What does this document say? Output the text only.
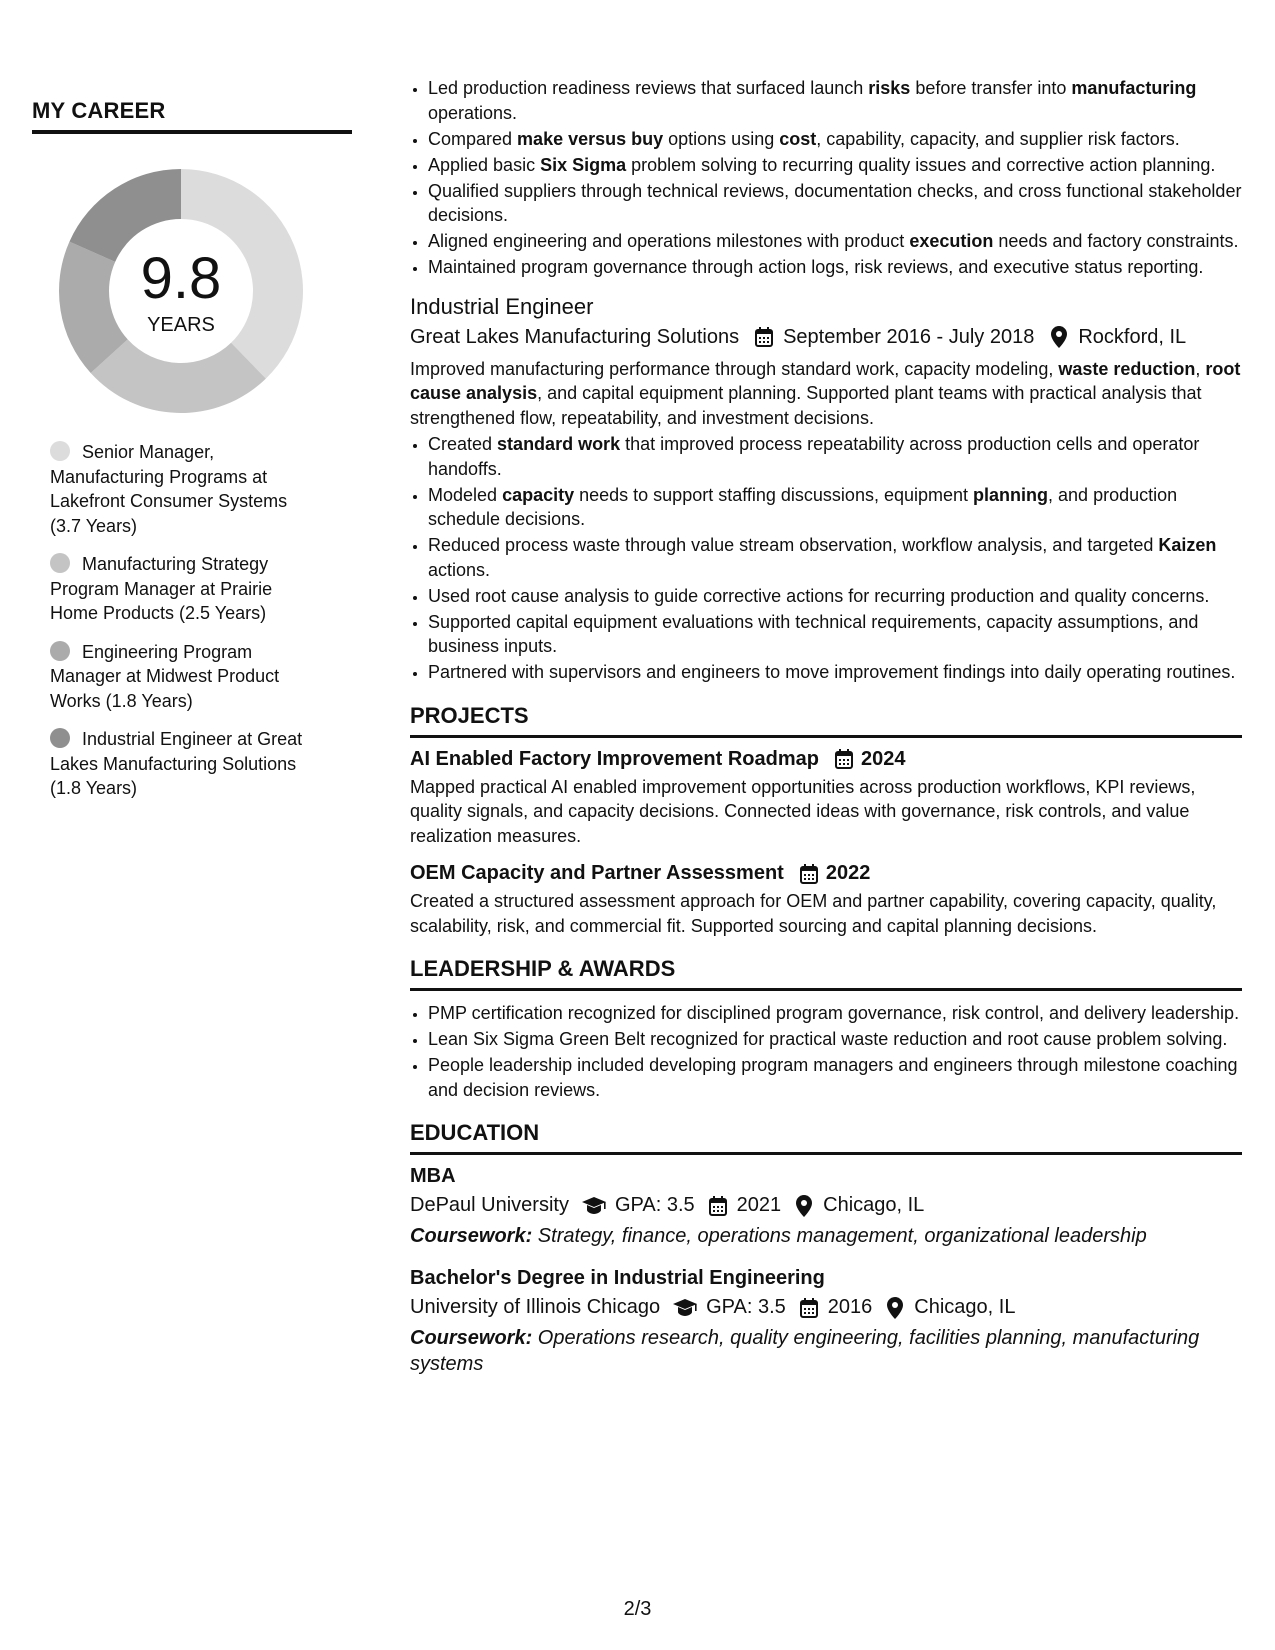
MY CAREER
9.8
YEARS
Senior Manager, Manufacturing Programs at Lakefront Consumer Systems (3.7 Years)
Manufacturing Strategy Program Manager at Prairie Home Products (2.5 Years)
Engineering Program Manager at Midwest Product Works (1.8 Years)
Industrial Engineer at Great Lakes Manufacturing Solutions (1.8 Years)
• Led production readiness reviews that surfaced launch risks before transfer into manufacturing operations.
• Compared make versus buy options using cost, capability, capacity, and supplier risk factors.
• Applied basic Six Sigma problem solving to recurring quality issues and corrective action planning.
• Qualified suppliers through technical reviews, documentation checks, and cross functional stakeholder decisions.
• Aligned engineering and operations milestones with product execution needs and factory constraints.
• Maintained program governance through action logs, risk reviews, and executive status reporting.
Industrial Engineer
Great Lakes Manufacturing Solutions September 2016 - July 2018 Rockford, IL
Improved manufacturing performance through standard work, capacity modeling, waste reduction, root cause analysis, and capital equipment planning. Supported plant teams with practical analysis that strengthened flow, repeatability, and investment decisions.
• Created standard work that improved process repeatability across production cells and operator handoffs.
• Modeled capacity needs to support staffing discussions, equipment planning, and production schedule decisions.
• Reduced process waste through value stream observation, workflow analysis, and targeted Kaizen actions.
• Used root cause analysis to guide corrective actions for recurring production and quality concerns.
• Supported capital equipment evaluations with technical requirements, capacity assumptions, and business inputs.
• Partnered with supervisors and engineers to move improvement findings into daily operating routines.
PROJECTS
AI Enabled Factory Improvement Roadmap 2024
Mapped practical AI enabled improvement opportunities across production workflows, KPI reviews, quality signals, and capacity decisions. Connected ideas with governance, risk controls, and value realization measures.
OEM Capacity and Partner Assessment 2022
Created a structured assessment approach for OEM and partner capability, covering capacity, quality, scalability, risk, and commercial fit. Supported sourcing and capital planning decisions.
LEADERSHIP & AWARDS
• PMP certification recognized for disciplined program governance, risk control, and delivery leadership.
• Lean Six Sigma Green Belt recognized for practical waste reduction and root cause problem solving.
• People leadership included developing program managers and engineers through milestone coaching and decision reviews.
EDUCATION
MBA
DePaul University GPA: 3.5 2021 Chicago, IL
Coursework: Strategy, finance, operations management, organizational leadership
Bachelor's Degree in Industrial Engineering
University of Illinois Chicago GPA: 3.5 2016 Chicago, IL
Coursework: Operations research, quality engineering, facilities planning, manufacturing systems
2/3
